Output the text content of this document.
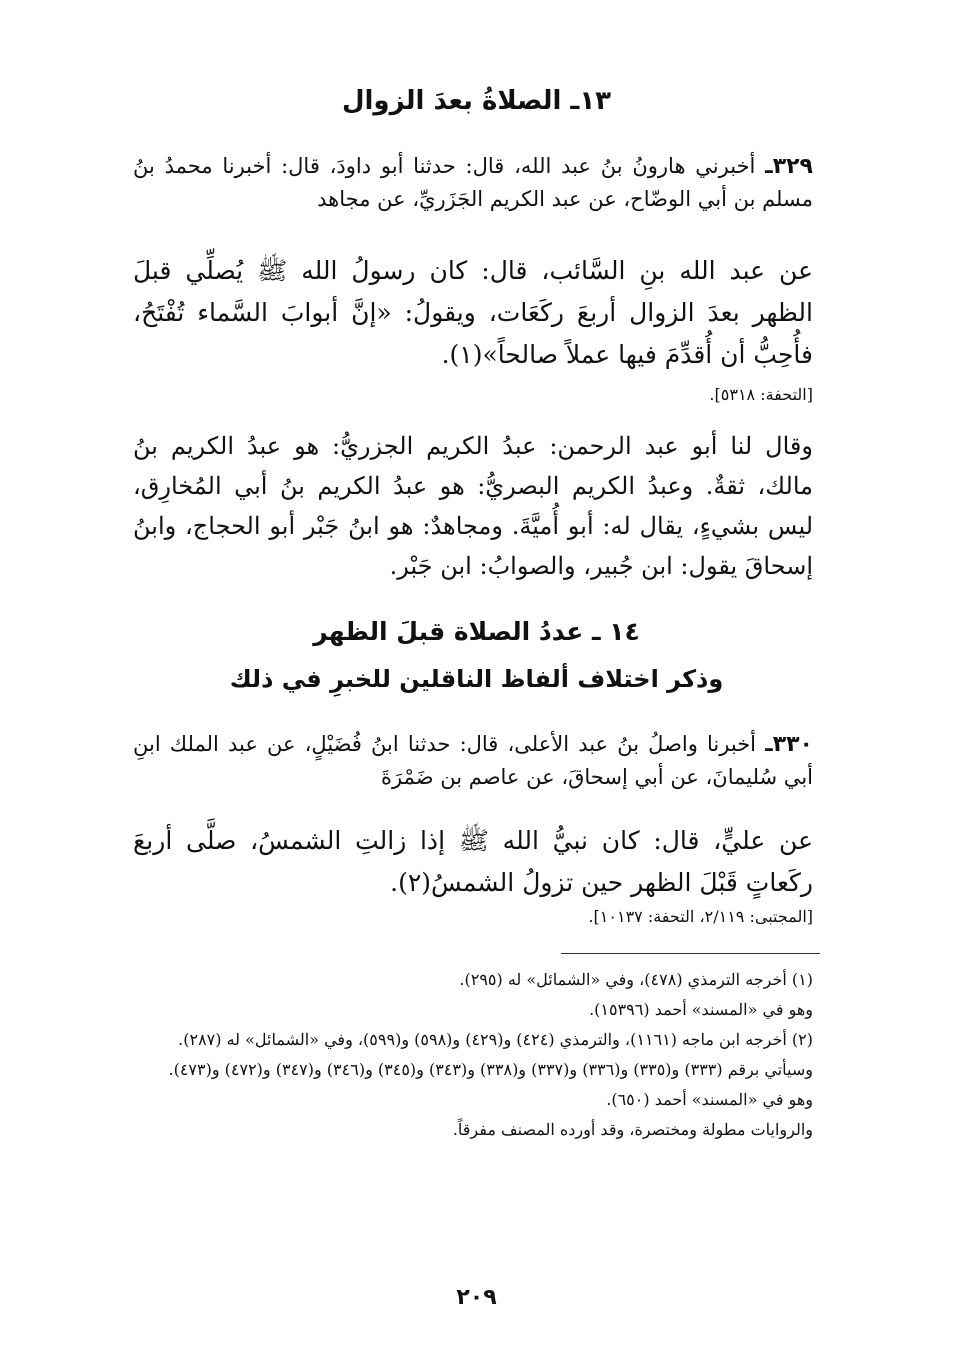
١٣ـ الصلاةُ بعدَ الزوال
٣٢٩ـ أخبرني هارونُ بنُ عبد الله، قال: حدثنا أبو داودَ، قال: أخبرنا محمدُ بنُ مسلم بن أبي الوضّاح، عن عبد الكريم الجَزَريِّ، عن مجاهد
عن عبد الله بنِ السَّائب، قال: كان رسولُ الله ﷺ يُصلِّي قبلَ الظهر بعدَ الزوال أربعَ ركَعَات، ويقولُ: «إنَّ أبوابَ السَّماء تُفْتَحُ، فأُحِبُّ أن أُقدِّمَ فيها عملاً صالحاً»(١).
[التحفة: ٥٣١٨].
وقال لنا أبو عبد الرحمن: عبدُ الكريم الجزريُّ: هو عبدُ الكريم بنُ مالك، ثقةٌ. وعبدُ الكريم البصريُّ: هو عبدُ الكريم بنُ أبي المُخارِق، ليس بشيءٍ، يقال له: أبو أُميَّةَ. ومجاهدٌ: هو ابنُ جَبْر أبو الحجاج، وابنُ إسحاقَ يقول: ابن جُبير، والصوابُ: ابن جَبْر.
١٤ ـ عددُ الصلاة قبلَ الظهر
وذكر اختلاف ألفاظ الناقلين للخبرِ في ذلك
٣٣٠ـ أخبرنا واصلُ بنُ عبد الأعلى، قال: حدثنا ابنُ فُضَيْلٍ، عن عبد الملك ابنِ أبي سُليمانَ، عن أبي إسحاقَ، عن عاصم بن ضَمْرَةَ
عن عليٍّ، قال: كان نبيُّ الله ﷺ إذا زالتِ الشمسُ، صلَّى أربعَ ركَعاتٍ قَبْلَ الظهر حين تزولُ الشمسُ(٢).
[المجتبى: ٢/١١٩، التحفة: ١٠١٣٧].
(١) أخرجه الترمذي (٤٧٨)، وفي «الشمائل» له (٢٩٥).
وهو في «المسند» أحمد (١٥٣٩٦).
(٢) أخرجه ابن ماجه (١١٦١)، والترمذي (٤٢٤) و(٤٢٩) و(٥٩٨) و(٥٩٩)، وفي «الشمائل» له (٢٨٧).
وسيأتي برقم (٣٣٣) و(٣٣٥) و(٣٣٦) و(٣٣٧) و(٣٣٨) و(٣٤٣) و(٣٤٥) و(٣٤٦) و(٣٤٧) و(٤٧٢) و(٤٧٣).
وهو في «المسند» أحمد (٦٥٠).
والروايات مطولة ومختصرة، وقد أورده المصنف مفرقاً.
٢٠٩
